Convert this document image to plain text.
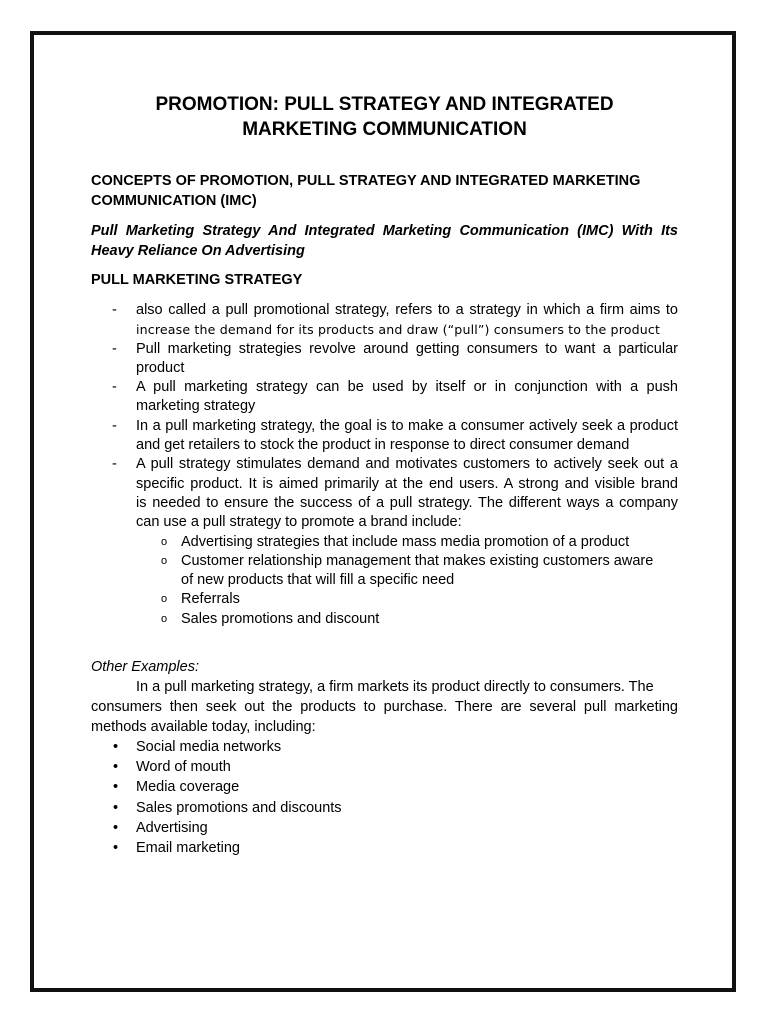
PROMOTION: PULL STRATEGY AND INTEGRATED
MARKETING COMMUNICATION
CONCEPTS OF PROMOTION, PULL STRATEGY AND INTEGRATED MARKETING
COMMUNICATION (IMC)
Pull Marketing Strategy And Integrated Marketing Communication (IMC) With Its
Heavy Reliance On Advertising
PULL MARKETING STRATEGY
- also called a pull promotional strategy, refers to a strategy in which a firm aims to
increase the demand for its products and draw (“pull”) consumers to the product
- Pull marketing strategies revolve around getting consumers to want a particular
product
- A pull marketing strategy can be used by itself or in conjunction with a push
marketing strategy
- In a pull marketing strategy, the goal is to make a consumer actively seek a product
and get retailers to stock the product in response to direct consumer demand
- A pull strategy stimulates demand and motivates customers to actively seek out a
specific product. It is aimed primarily at the end users. A strong and visible brand
is needed to ensure the success of a pull strategy. The different ways a company
can use a pull strategy to promote a brand include:
o Advertising strategies that include mass media promotion of a product
o Customer relationship management that makes existing customers aware
of new products that will fill a specific need
o Referrals
o Sales promotions and discount
Other Examples:
In a pull marketing strategy, a firm markets its product directly to consumers. The
consumers then seek out the products to purchase. There are several pull marketing
methods available today, including:
• Social media networks
• Word of mouth
• Media coverage
• Sales promotions and discounts
• Advertising
• Email marketing
